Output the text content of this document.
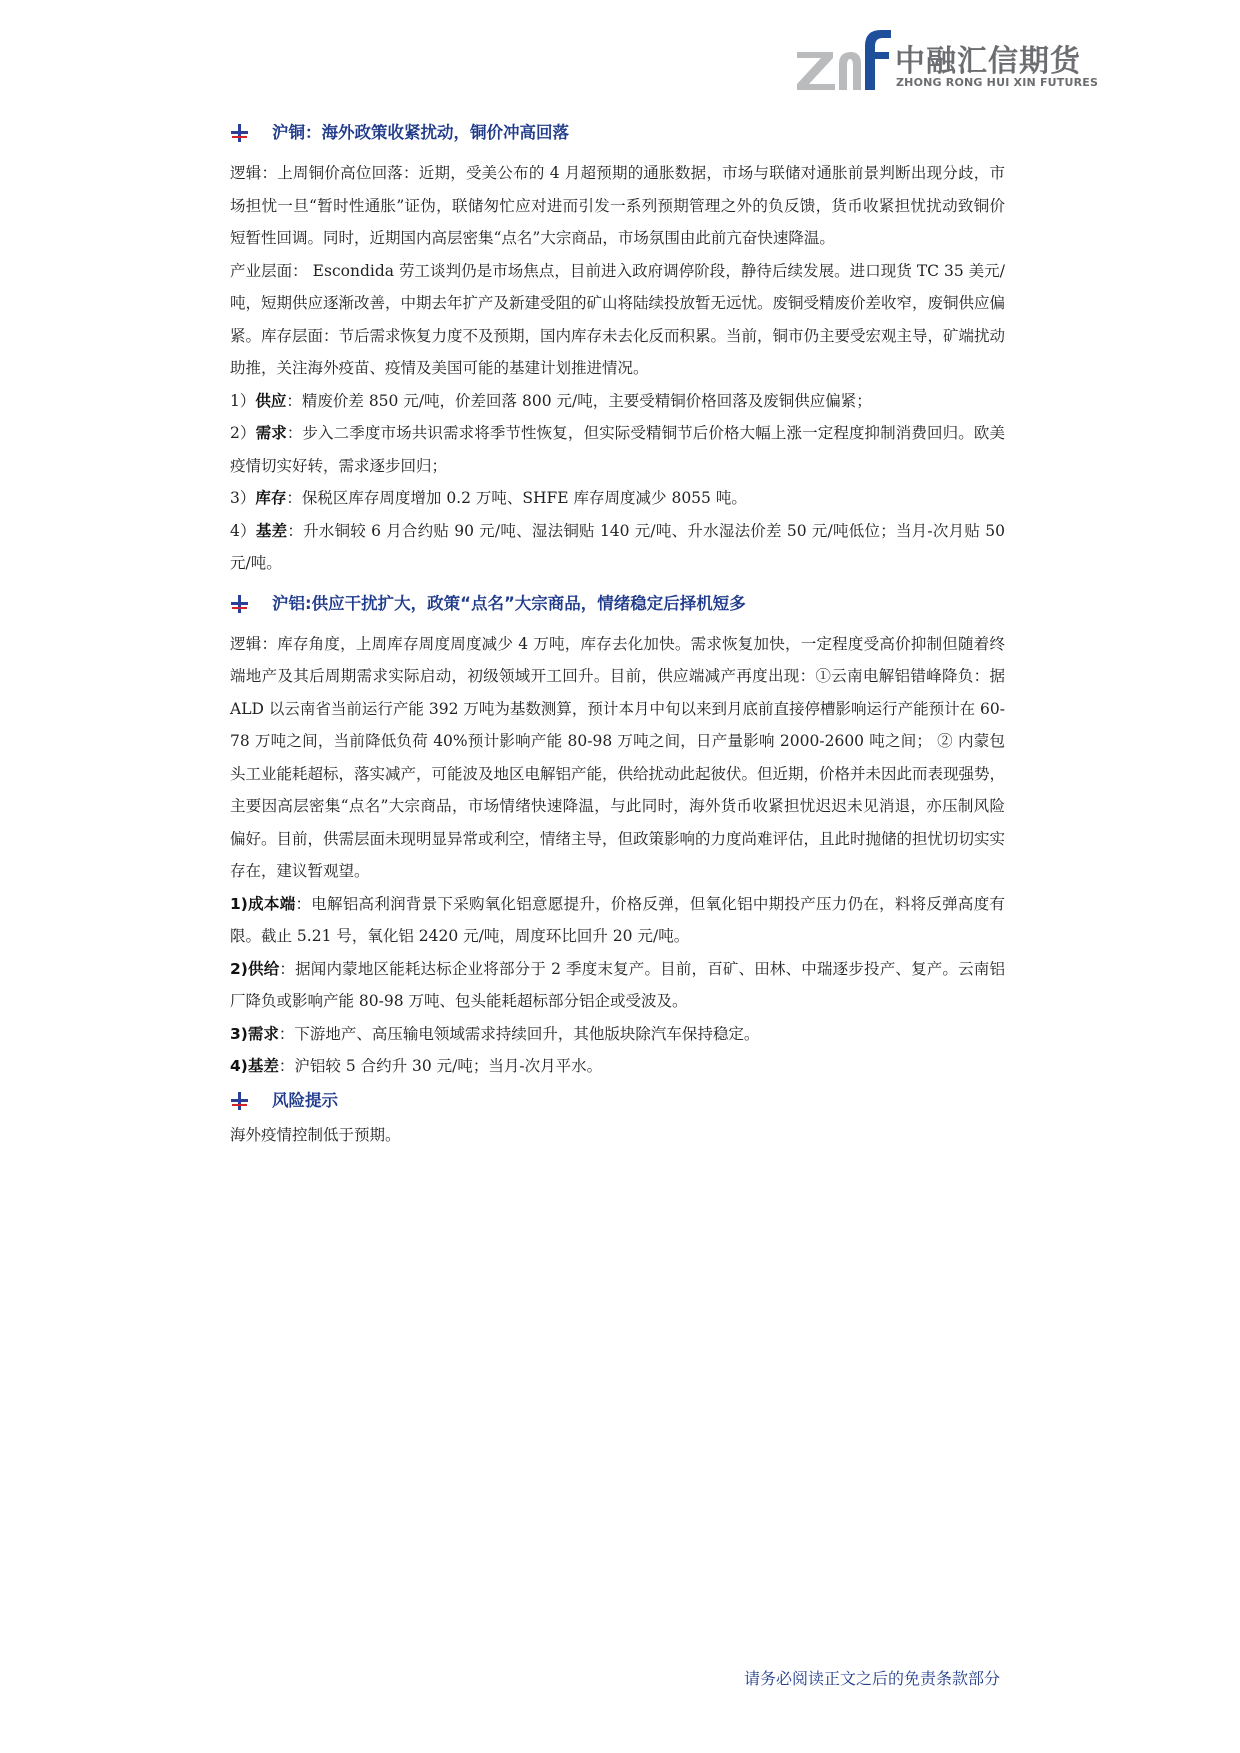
中融汇信期货
ZHONG RONG HUI XIN FUTURES
沪铜：海外政策收紧扰动，铜价冲高回落

逻辑：上周铜价高位回落：近期，受美公布的 4 月超预期的通胀数据，市场与联储对通胀前景判断出现分歧，市场担忧一旦“暂时性通胀”证伪，联储匆忙应对进而引发一系列预期管理之外的负反馈，货币收紧担忧扰动致铜价短暂性回调。同时，近期国内高层密集“点名”大宗商品，市场氛围由此前亢奋快速降温。

产业层面： Escondida 劳工谈判仍是市场焦点，目前进入政府调停阶段，静待后续发展。进口现货 TC 35 美元/吨，短期供应逐渐改善，中期去年扩产及新建受阻的矿山将陆续投放暂无远忧。废铜受精废价差收窄，废铜供应偏紧。库存层面：节后需求恢复力度不及预期，国内库存未去化反而积累。当前，铜市仍主要受宏观主导，矿端扰动助推，关注海外疫苗、疫情及美国可能的基建计划推进情况。

1）供应：精废价差 850 元/吨，价差回落 800 元/吨，主要受精铜价格回落及废铜供应偏紧；

2）需求：步入二季度市场共识需求将季节性恢复，但实际受精铜节后价格大幅上涨一定程度抑制消费回归。欧美疫情切实好转，需求逐步回归；

3）库存：保税区库存周度增加 0.2 万吨、SHFE 库存周度减少 8055 吨。

4）基差：升水铜较 6 月合约贴 90 元/吨、湿法铜贴 140 元/吨、升水湿法价差 50 元/吨低位；当月-次月贴 50 元/吨。

沪铝:供应干扰扩大，政策“点名”大宗商品，情绪稳定后择机短多

逻辑：库存角度，上周库存周度周度减少 4 万吨，库存去化加快。需求恢复加快，一定程度受高价抑制但随着终端地产及其后周期需求实际启动，初级领域开工回升。目前，供应端减产再度出现：①云南电解铝错峰降负：据 ALD 以云南省当前运行产能 392 万吨为基数测算，预计本月中旬以来到月底前直接停槽影响运行产能预计在 60-78 万吨之间，当前降低负荷 40%预计影响产能 80-98 万吨之间，日产量影响 2000-2600 吨之间； ② 内蒙包头工业能耗超标，落实减产，可能波及地区电解铝产能，供给扰动此起彼伏。但近期，价格并未因此而表现强势，主要因高层密集“点名”大宗商品，市场情绪快速降温，与此同时，海外货币收紧担忧迟迟未见消退，亦压制风险偏好。目前，供需层面未现明显异常或利空，情绪主导，但政策影响的力度尚难评估，且此时抛储的担忧切切实实存在，建议暂观望。

1)成本端：电解铝高利润背景下采购氧化铝意愿提升，价格反弹，但氧化铝中期投产压力仍在，料将反弹高度有限。截止 5.21 号，氧化铝 2420 元/吨，周度环比回升 20 元/吨。

2)供给：据闻内蒙地区能耗达标企业将部分于 2 季度末复产。目前，百矿、田林、中瑞逐步投产、复产。云南铝厂降负或影响产能 80-98 万吨、包头能耗超标部分铝企或受波及。

3)需求：下游地产、高压输电领域需求持续回升，其他版块除汽车保持稳定。

4)基差：沪铝较 5 合约升 30 元/吨；当月-次月平水。

风险提示

海外疫情控制低于预期。

请务必阅读正文之后的免责条款部分
